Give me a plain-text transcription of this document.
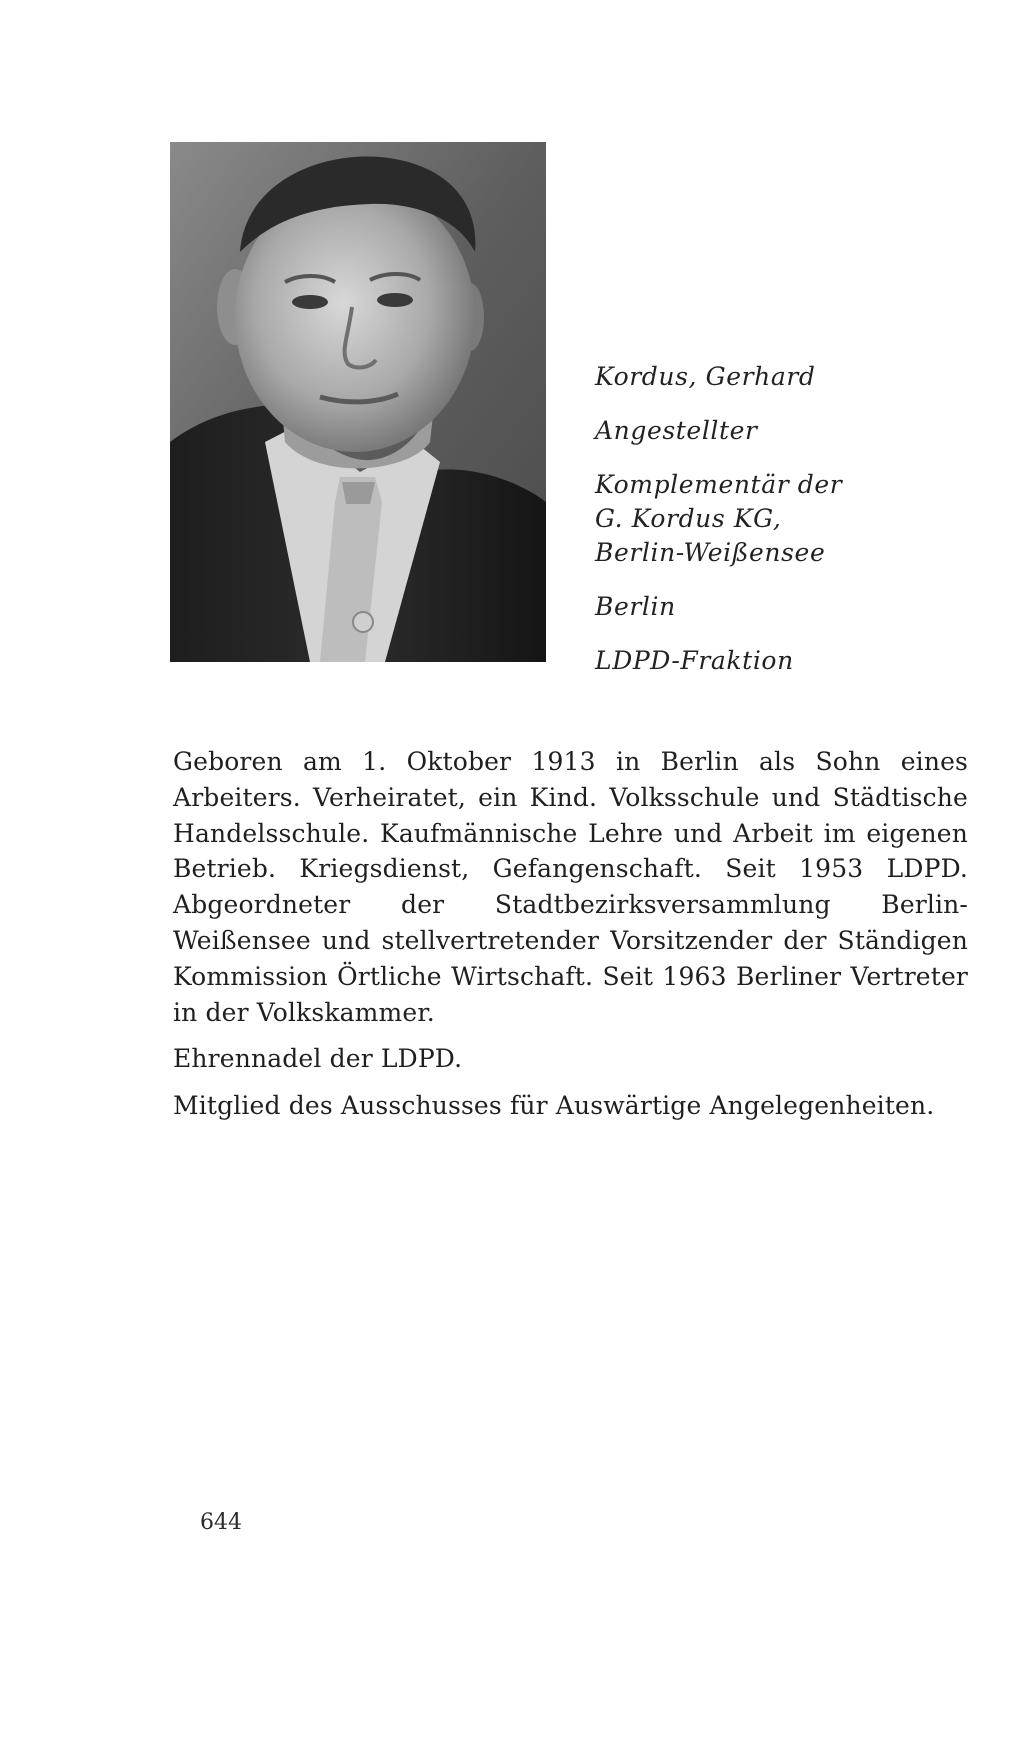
Kordus, Gerhard
Angestellter
Komplementär der
G. Kordus KG,
Berlin-Weißensee
Berlin
LDPD-Fraktion

Geboren am 1. Oktober 1913 in Berlin als Sohn eines Arbeiters. Verheiratet, ein Kind. Volksschule und Städtische Handelsschule. Kaufmännische Lehre und Arbeit im eigenen Betrieb. Kriegsdienst, Gefangenschaft. Seit 1953 LDPD. Abgeordneter der Stadtbezirksversammlung Berlin-Weißensee und stellvertretender Vorsitzender der Ständigen Kommission Örtliche Wirtschaft. Seit 1963 Berliner Vertreter in der Volkskammer.

Ehrennadel der LDPD.

Mitglied des Ausschusses für Auswärtige Angelegenheiten.

644
